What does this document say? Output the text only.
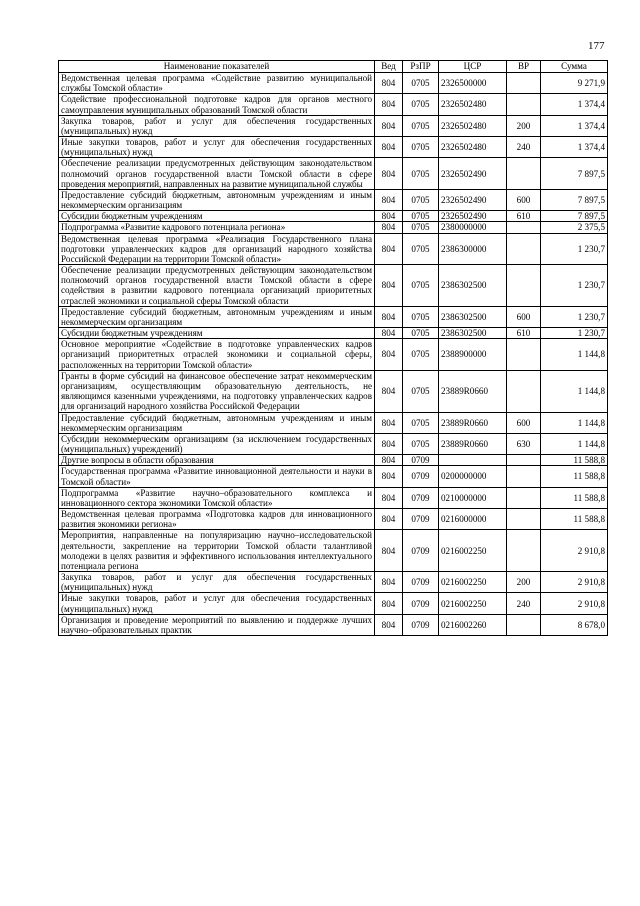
177
Наименование показателей	Вед	РзПР	ЦСР	ВР	Сумма
Ведомственная целевая программа «Содействие развитию муниципальной службы Томской области»	804	0705	2326500000		9 271,9
Содействие профессиональной подготовке кадров для органов местного самоуправления муниципальных образований Томской области	804	0705	2326502480		1 374,4
Закупка товаров, работ и услуг для обеспечения государственных (муниципальных) нужд	804	0705	2326502480	200	1 374,4
Иные закупки товаров, работ и услуг для обеспечения государственных (муниципальных) нужд	804	0705	2326502480	240	1 374,4
Обеспечение реализации предусмотренных действующим законодательством полномочий органов государственной власти Томской области в сфере проведения мероприятий, направленных на развитие муниципальной службы	804	0705	2326502490		7 897,5
Предоставление субсидий бюджетным, автономным учреждениям и иным некоммерческим организациям	804	0705	2326502490	600	7 897,5
Субсидии бюджетным учреждениям	804	0705	2326502490	610	7 897,5
Подпрограмма «Развитие кадрового потенциала региона»	804	0705	2380000000		2 375,5
Ведомственная целевая программа «Реализация Государственного плана подготовки управленческих кадров для организаций народного хозяйства Российской Федерации на территории Томской области»	804	0705	2386300000		1 230,7
Обеспечение реализации предусмотренных действующим законодательством полномочий органов государственной власти Томской области в сфере содействия в развитии кадрового потенциала организаций приоритетных отраслей экономики и социальной сферы Томской области	804	0705	2386302500		1 230,7
Предоставление субсидий бюджетным, автономным учреждениям и иным некоммерческим организациям	804	0705	2386302500	600	1 230,7
Субсидии бюджетным учреждениям	804	0705	2386302500	610	1 230,7
Основное мероприятие «Содействие в подготовке управленческих кадров организаций приоритетных отраслей экономики и социальной сферы, расположенных на территории Томской области»	804	0705	2388900000		1 144,8
Гранты в форме субсидий на финансовое обеспечение затрат некоммерческим организациям, осуществляющим образовательную деятельность, не являющимся казенными учреждениями, на подготовку управленческих кадров для организаций народного хозяйства Российской Федерации	804	0705	23889R0660		1 144,8
Предоставление субсидий бюджетным, автономным учреждениям и иным некоммерческим организациям	804	0705	23889R0660	600	1 144,8
Субсидии некоммерческим организациям (за исключением государственных (муниципальных) учреждений)	804	0705	23889R0660	630	1 144,8
Другие вопросы в области образования	804	0709			11 588,8
Государственная программа «Развитие инновационной деятельности и науки в Томской области»	804	0709	0200000000		11 588,8
Подпрограмма «Развитие научно–образовательного комплекса и инновационного сектора экономики Томской области»	804	0709	0210000000		11 588,8
Ведомственная целевая программа «Подготовка кадров для инновационного развития экономики региона»	804	0709	0216000000		11 588,8
Мероприятия, направленные на популяризацию научно–исследовательской деятельности, закрепление на территории Томской области талантливой молодежи в целях развития и эффективного использования интеллектуального потенциала региона	804	0709	0216002250		2 910,8
Закупка товаров, работ и услуг для обеспечения государственных (муниципальных) нужд	804	0709	0216002250	200	2 910,8
Иные закупки товаров, работ и услуг для обеспечения государственных (муниципальных) нужд	804	0709	0216002250	240	2 910,8
Организация и проведение мероприятий по выявлению и поддержке лучших научно–образовательных практик	804	0709	0216002260		8 678,0
